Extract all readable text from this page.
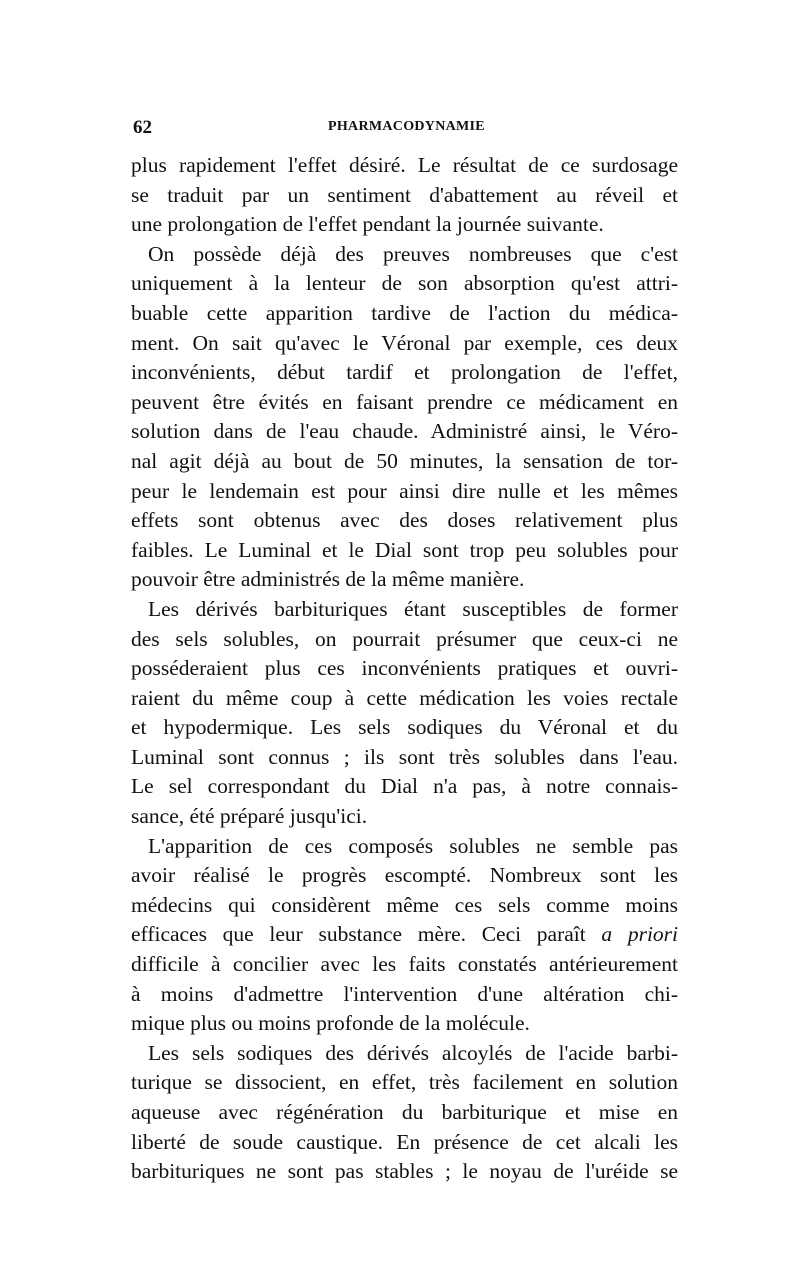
62	PHARMACODYNAMIE
plus rapidement l'effet désiré. Le résultat de ce surdosage
se traduit par un sentiment d'abattement au réveil et
une prolongation de l'effet pendant la journée suivante.
On possède déjà des preuves nombreuses que c'est
uniquement à la lenteur de son absorption qu'est attri-
buable cette apparition tardive de l'action du médica-
ment. On sait qu'avec le Véronal par exemple, ces deux
inconvénients, début tardif et prolongation de l'effet,
peuvent être évités en faisant prendre ce médicament en
solution dans de l'eau chaude. Administré ainsi, le Véro-
nal agit déjà au bout de 50 minutes, la sensation de tor-
peur le lendemain est pour ainsi dire nulle et les mêmes
effets sont obtenus avec des doses relativement plus
faibles. Le Luminal et le Dial sont trop peu solubles pour
pouvoir être administrés de la même manière.
Les dérivés barbituriques étant susceptibles de former
des sels solubles, on pourrait présumer que ceux-ci ne
posséderaient plus ces inconvénients pratiques et ouvri-
raient du même coup à cette médication les voies rectale
et hypodermique. Les sels sodiques du Véronal et du
Luminal sont connus ; ils sont très solubles dans l'eau.
Le sel correspondant du Dial n'a pas, à notre connais-
sance, été préparé jusqu'ici.
L'apparition de ces composés solubles ne semble pas
avoir réalisé le progrès escompté. Nombreux sont les
médecins qui considèrent même ces sels comme moins
efficaces que leur substance mère. Ceci paraît a priori
difficile à concilier avec les faits constatés antérieurement
à moins d'admettre l'intervention d'une altération chi-
mique plus ou moins profonde de la molécule.
Les sels sodiques des dérivés alcoylés de l'acide barbi-
turique se dissocient, en effet, très facilement en solution
aqueuse avec régénération du barbiturique et mise en
liberté de soude caustique. En présence de cet alcali les
barbituriques ne sont pas stables ; le noyau de l'uréide se
